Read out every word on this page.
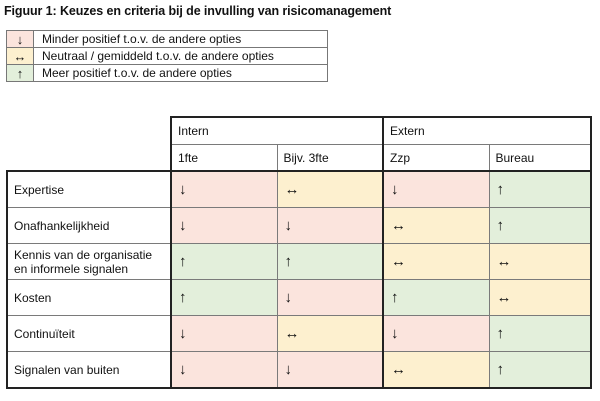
Figuur 1: Keuzes en criteria bij de invulling van risicomanagement
↓	Minder positief t.o.v. de andere opties
↔	Neutraal / gemiddeld t.o.v. de andere opties
↑	Meer positief t.o.v. de andere opties
	Intern		Extern	
	1fte	Bijv. 3fte	Zzp	Bureau
Expertise	↓	↔	↓	↑
Onafhankelijkheid	↓	↓	↔	↑
Kennis van de organisatie en informele signalen	↑	↑	↔	↔
Kosten	↑	↓	↑	↔
Continuïteit	↓	↔	↓	↑
Signalen van buiten	↓	↓	↔	↑
